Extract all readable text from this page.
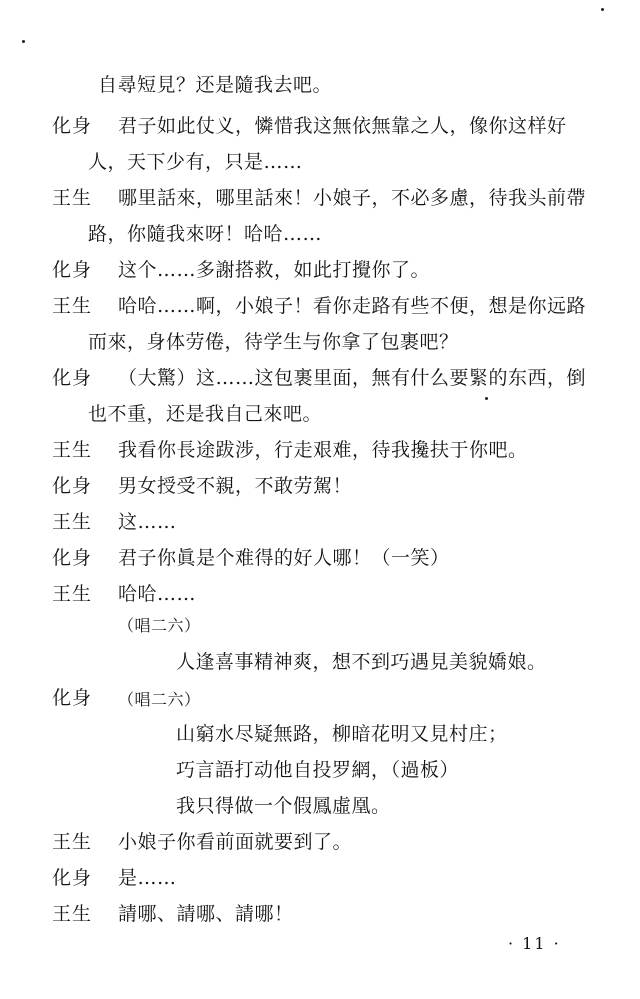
自尋短見？还是隨我去吧。
化身 君子如此仗义，憐惜我这無依無靠之人，像你这样好
人，天下少有，只是……
王生 哪里話來，哪里話來！小娘子，不必多慮，待我头前帶
路，你隨我來呀！哈哈……
化身 这个……多謝搭救，如此打攪你了。
王生 哈哈……啊，小娘子！看你走路有些不便，想是你远路
而來，身体劳倦，待学生与你拿了包裹吧？
化身 （大驚）这……这包裹里面，無有什么要緊的东西，倒
也不重，还是我自己來吧。
王生 我看你長途跋涉，行走艰难，待我攙扶于你吧。
化身 男女授受不親，不敢劳駕！
王生 这……
化身 君子你眞是个难得的好人哪！（一笑）
王生 哈哈……
（唱二六）
人逢喜事精神爽，想不到巧遇見美貌嬌娘。
化身 （唱二六）
山窮水尽疑無路，柳暗花明又見村庄；
巧言語打动他自投罗網，（過板）
我只得做一个假鳳虛凰。
王生 小娘子你看前面就要到了。
化身 是……
王生 請哪、請哪、請哪！
· 11 ·
